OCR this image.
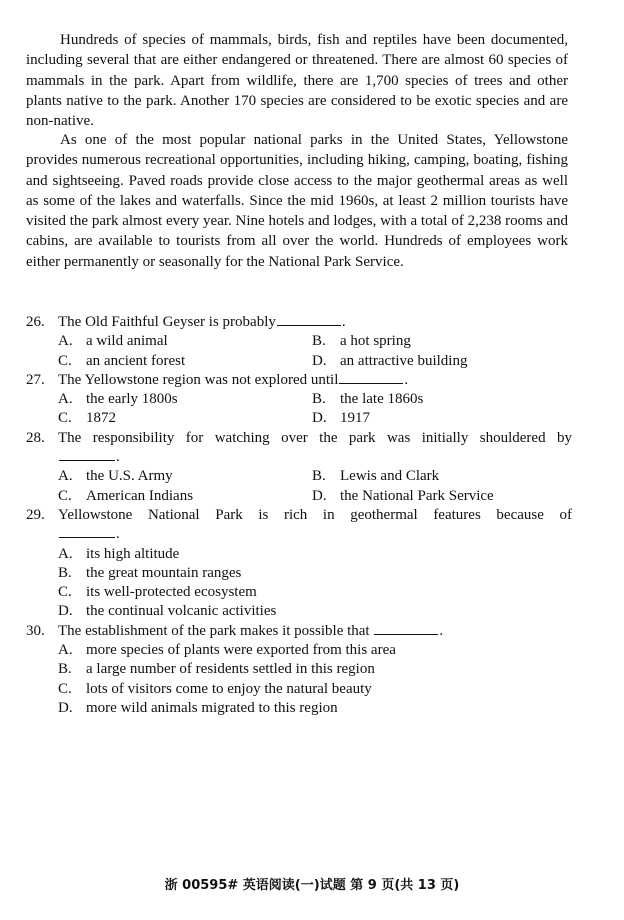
Hundreds of species of mammals, birds, fish and reptiles have been documented, including several that are either endangered or threatened. There are almost 60 species of mammals in the park. Apart from wildlife, there are 1,700 species of trees and other plants native to the park. Another 170 species are considered to be exotic species and are non-native.

As one of the most popular national parks in the United States, Yellowstone provides numerous recreational opportunities, including hiking, camping, boating, fishing and sightseeing. Paved roads provide close access to the major geothermal areas as well as some of the lakes and waterfalls. Since the mid 1960s, at least 2 million tourists have visited the park almost every year. Nine hotels and lodges, with a total of 2,238 rooms and cabins, are available to tourists from all over the world. Hundreds of employees work either permanently or seasonally for the National Park Service.

26. The Old Faithful Geyser is probably	.
A. a wild animal	B. a hot spring
C. an ancient forest	D. an attractive building
27. The Yellowstone region was not explored until	.
A. the early 1800s	B. the late 1860s
C. 1872	D. 1917
28. The responsibility for watching over the park was initially shouldered by
.
A. the U.S. Army	B. Lewis and Clark
C. American Indians	D. the National Park Service
29. Yellowstone National Park is rich in geothermal features because of
.
A. its high altitude
B. the great mountain ranges
C. its well-protected ecosystem
D. the continual volcanic activities
30. The establishment of the park makes it possible that	.
A. more species of plants were exported from this area
B. a large number of residents settled in this region
C. lots of visitors come to enjoy the natural beauty
D. more wild animals migrated to this region
浙 00595# 英语阅读(一)试题 第 9 页(共 13 页)
